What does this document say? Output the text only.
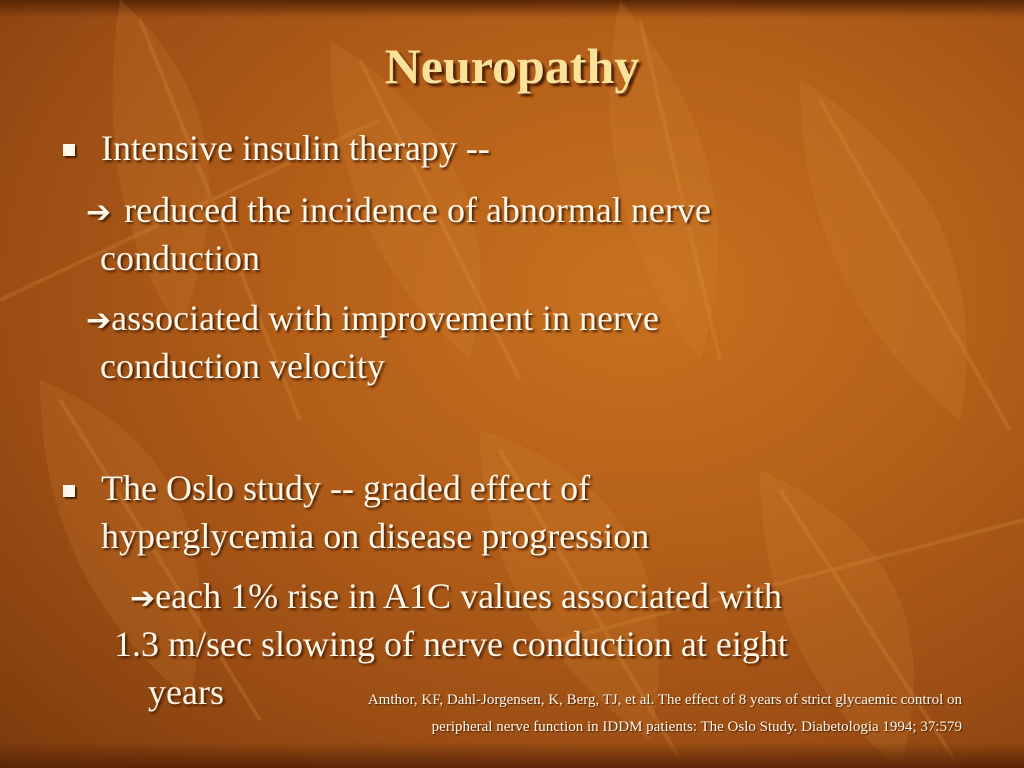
Neuropathy

Intensive insulin therapy --

➔ reduced the incidence of abnormal nerve

conduction

➔associated with improvement in nerve

conduction velocity

The Oslo study -- graded effect of

hyperglycemia on disease progression

➔each 1% rise in A1C values associated with

1.3 m/sec slowing of nerve conduction at eight

years	Amthor, KF, Dahl-Jorgensen, K, Berg, TJ, et al. The effect of 8 years of strict glycaemic control on

peripheral nerve function in IDDM patients: The Oslo Study. Diabetologia 1994; 37:579
